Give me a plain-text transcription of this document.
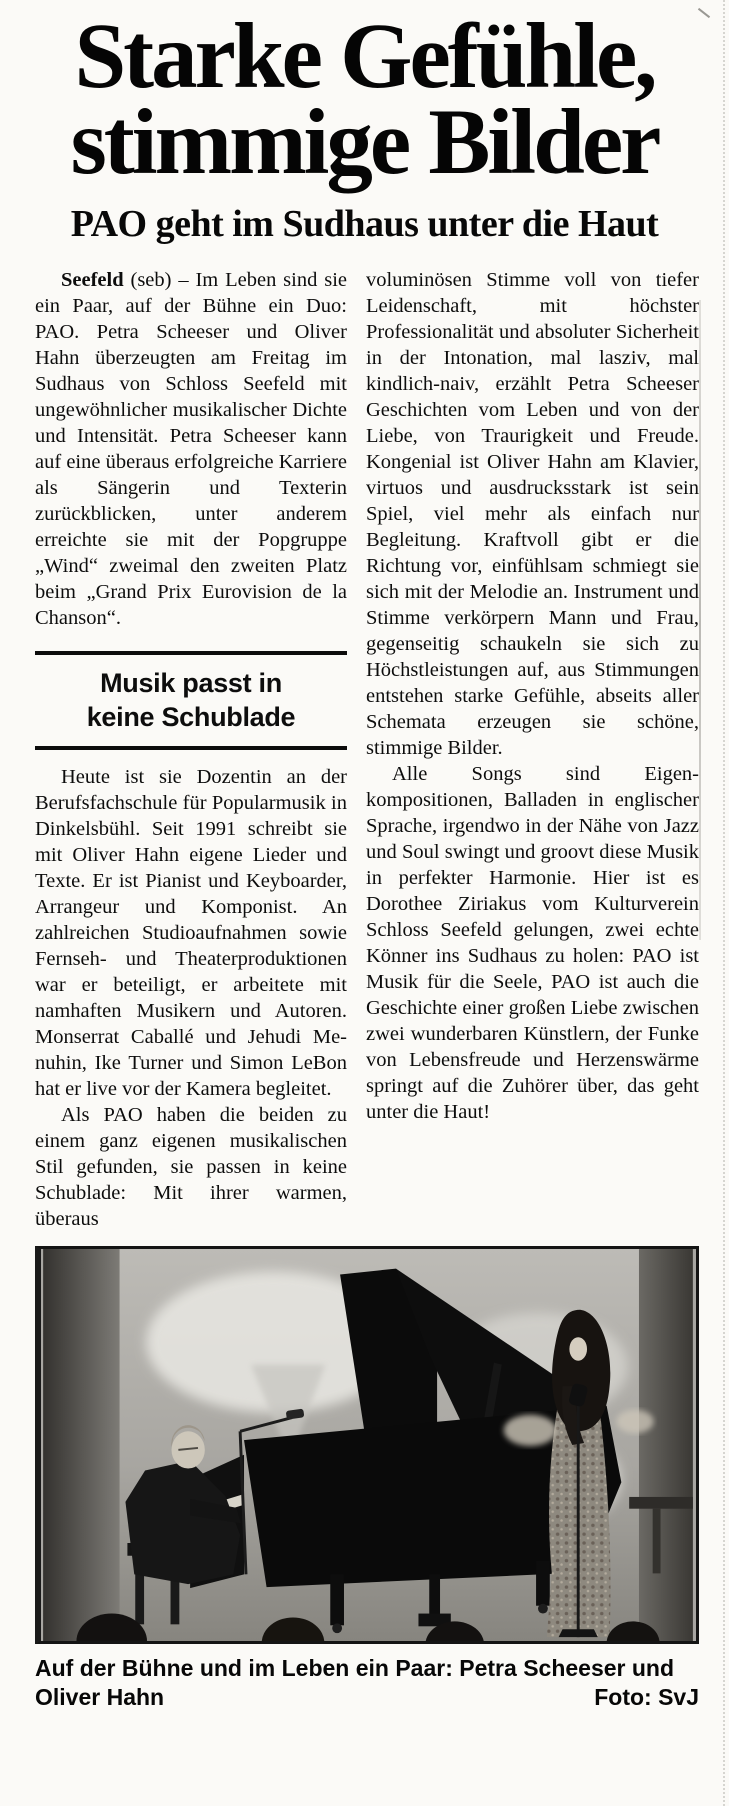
Starke Gefühle,
stimmige Bilder
PAO geht im Sudhaus unter die Haut

Seefeld (seb) – Im Leben sind sie ein Paar, auf der Bühne ein Duo: PAO. Petra Scheeser und Oliver Hahn überzeugten am Freitag im Sudhaus von Schloss Seefeld mit ungewöhnlicher musikalischer Dichte und Intensität. Petra Scheeser kann auf eine überaus erfolgreiche Karriere als Sängerin und Texterin zurückblicken, unter anderem erreichte sie mit der Popgruppe „Wind“ zweimal den zweiten Platz beim „Grand Prix Eurovision de la Chanson“.

Musik passt in
keine Schublade

Heute ist sie Dozentin an der Berufsfachschule für Popularmusik in Dinkelsbühl. Seit 1991 schreibt sie mit Oliver Hahn eigene Lieder und Texte. Er ist Pianist und Keyboarder, Arrangeur und Komponist. An zahlreichen Studioaufnahmen sowie Fernseh- und Theaterproduktionen war er beteiligt, er arbeitete mit namhaften Musikern und Autoren. Monserrat Caballé und Jehudi Menuhin, Ike Turner und Simon LeBon hat er live vor der Kamera begleitet.

Als PAO haben die beiden zu einem ganz eigenen musikalischen Stil gefunden, sie passen in keine Schublade: Mit ihrer warmen, überaus

voluminösen Stimme voll von tiefer Leidenschaft, mit höchster Professionalität und absoluter Sicherheit in der Intonation, mal lasziv, mal kindlich-naiv, erzählt Petra Scheeser Geschichten vom Leben und von der Liebe, von Traurigkeit und Freude. Kongenial ist Oliver Hahn am Klavier, virtuos und ausdrucksstark ist sein Spiel, viel mehr als einfach nur Begleitung. Kraftvoll gibt er die Richtung vor, einfühlsam schmiegt sie sich mit der Melodie an. Instrument und Stimme verkörpern Mann und Frau, gegenseitig schaukeln sie sich zu Höchstleistungen auf, aus Stimmungen entstehen starke Gefühle, abseits aller Schemata erzeugen sie schöne, stimmige Bilder.

Alle Songs sind Eigenkompositionen, Balladen in englischer Sprache, irgendwo in der Nähe von Jazz und Soul swingt und groovt diese Musik in perfekter Harmonie. Hier ist es Dorothee Ziriakus vom Kulturverein Schloss Seefeld gelungen, zwei echte Könner ins Sudhaus zu holen: PAO ist Musik für die Seele, PAO ist auch die Geschichte einer großen Liebe zwischen zwei wunderbaren Künstlern, der Funke von Lebensfreude und Herzenswärme springt auf die Zuhörer über, das geht unter die Haut!

Auf der Bühne und im Leben ein Paar: Petra Scheeser und Oliver Hahn	Foto: SvJ
